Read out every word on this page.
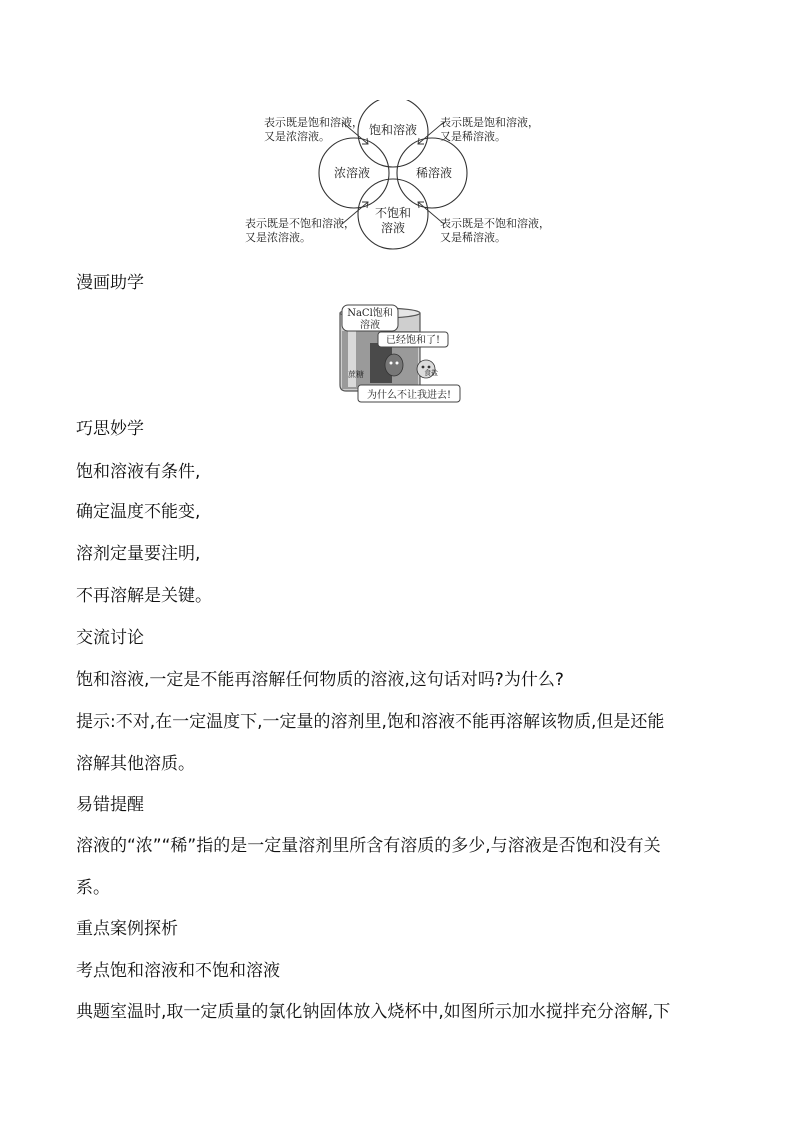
饱和溶液
浓溶液	稀溶液
不饱和
溶液
表示既是饱和溶液，
又是浓溶液。
表示既是饱和溶液，
又是稀溶液。
表示既是不饱和溶液，
又是浓溶液。
表示既是不饱和溶液，
又是稀溶液。
漫画助学
NaCl饱和
溶液
已经饱和了!
蔗糖	食盐
为什么不让我进去!
巧思妙学
饱和溶液有条件,
确定温度不能变,
溶剂定量要注明,
不再溶解是关键。
交流讨论
饱和溶液,一定是不能再溶解任何物质的溶液,这句话对吗?为什么?
提示:不对,在一定温度下,一定量的溶剂里,饱和溶液不能再溶解该物质,但是还能
溶解其他溶质。
易错提醒
溶液的“浓”“稀”指的是一定量溶剂里所含有溶质的多少,与溶液是否饱和没有关
系。
重点案例探析
考点饱和溶液和不饱和溶液
典题室温时,取一定质量的氯化钠固体放入烧杯中,如图所示加水搅拌充分溶解,下
